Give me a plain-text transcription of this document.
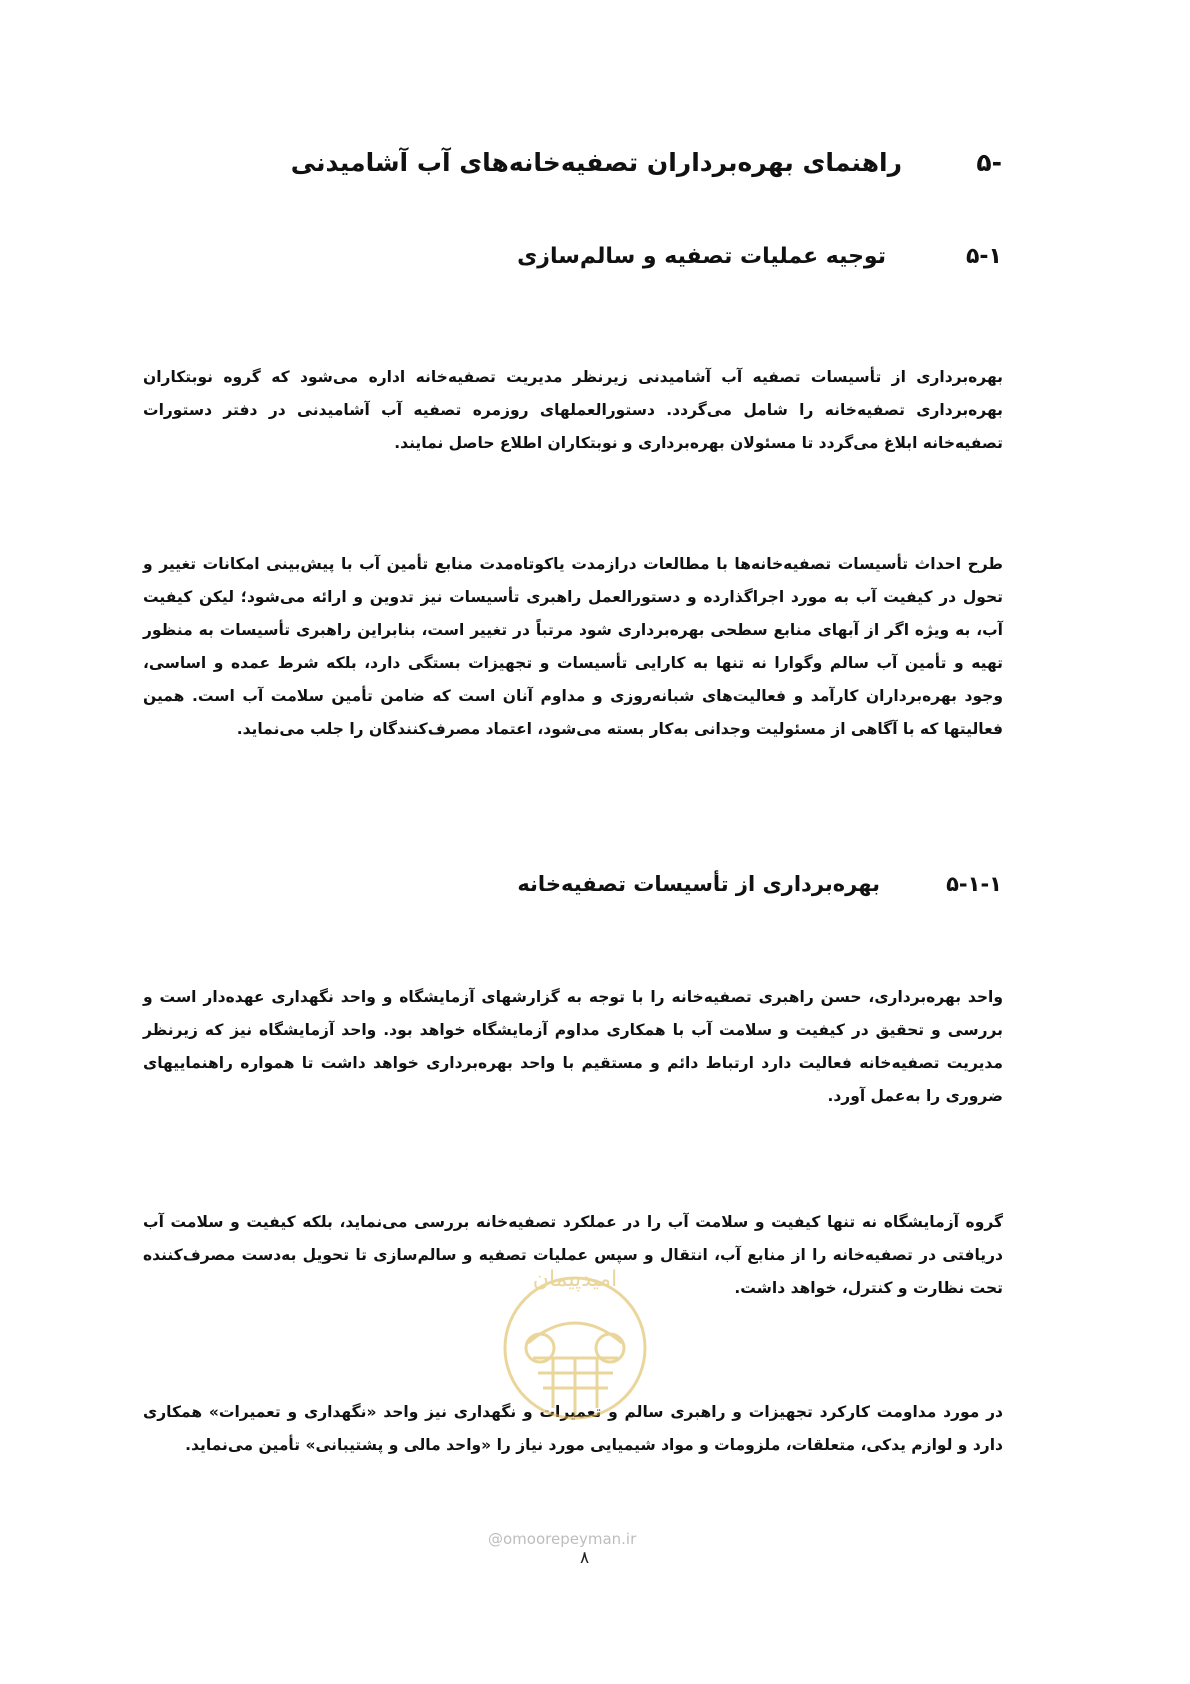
۵-
راهنمای بهره‌برداران تصفیه‌خانه‌های آب آشامیدنی
۵-۱
توجیه عملیات تصفیه و سالم‌سازی

بهره‌برداری از تأسیسات تصفیه آب آشامیدنی زیرنظر مدیریت تصفیه‌خانه اداره می‌شود که گروه نوبتکاران بهره‌برداری تصفیه‌خانه را شامل می‌گردد. دستورالعملهای روزمره تصفیه آب آشامیدنی در دفتر دستورات تصفیه‌خانه ابلاغ می‌گردد تا مسئولان بهره‌برداری و نوبتکاران اطلاع حاصل نمایند.

طرح احداث تأسیسات تصفیه‌خانه‌ها با مطالعات درازمدت یاکوتاه‌مدت منابع تأمین آب با پیش‌بینی امکانات تغییر و تحول در کیفیت آب به مورد اجراگذارده و دستورالعمل راهبری تأسیسات نیز تدوین و ارائه می‌شود؛ لیکن کیفیت آب، به ویژه اگر از آبهای منابع سطحی بهره‌برداری شود مرتباً در تغییر است، بنابراین راهبری تأسیسات به منظور تهیه و تأمین آب سالم وگوارا نه تنها به کارایی تأسیسات و تجهیزات بستگی دارد، بلکه شرط عمده و اساسی، وجود بهره‌برداران کارآمد و فعالیت‌های شبانه‌روزی و مداوم آنان است که ضامن تأمین سلامت آب است. همین فعالیتها که با آگاهی از مسئولیت وجدانی به‌کار بسته می‌شود، اعتماد مصرف‌کنندگان را جلب می‌نماید.

۵-۱-۱
بهره‌برداری از تأسیسات تصفیه‌خانه

واحد بهره‌برداری، حسن راهبری تصفیه‌خانه را با توجه به گزارشهای آزمایشگاه و واحد نگهداری عهده‌دار است و بررسی و تحقیق در کیفیت و سلامت آب با همکاری مداوم آزمایشگاه خواهد بود. واحد آزمایشگاه نیز که زیرنظر مدیریت تصفیه‌خانه فعالیت دارد ارتباط دائم و مستقیم با واحد بهره‌برداری خواهد داشت تا همواره راهنماییهای ضروری را به‌عمل آورد.

گروه آزمایشگاه نه تنها کیفیت و سلامت آب را در عملکرد تصفیه‌خانه بررسی می‌نماید، بلکه کیفیت و سلامت آب دریافتی در تصفیه‌خانه را از منابع آب، انتقال و سپس عملیات تصفیه و سالم‌سازی تا تحویل به‌دست مصرف‌کننده تحت نظارت و کنترل، خواهد داشت.

در مورد مداومت کارکرد تجهیزات و راهبری سالم و تعمیرات و نگهداری نیز واحد «نگهداری و تعمیرات» همکاری دارد و لوازم یدکی، متعلقات، ملزومات و مواد شیمیایی مورد نیاز را «واحد مالی و پشتیبانی» تأمین می‌نماید.

امیدپیمان
@omoorepeyman.ir
۸
